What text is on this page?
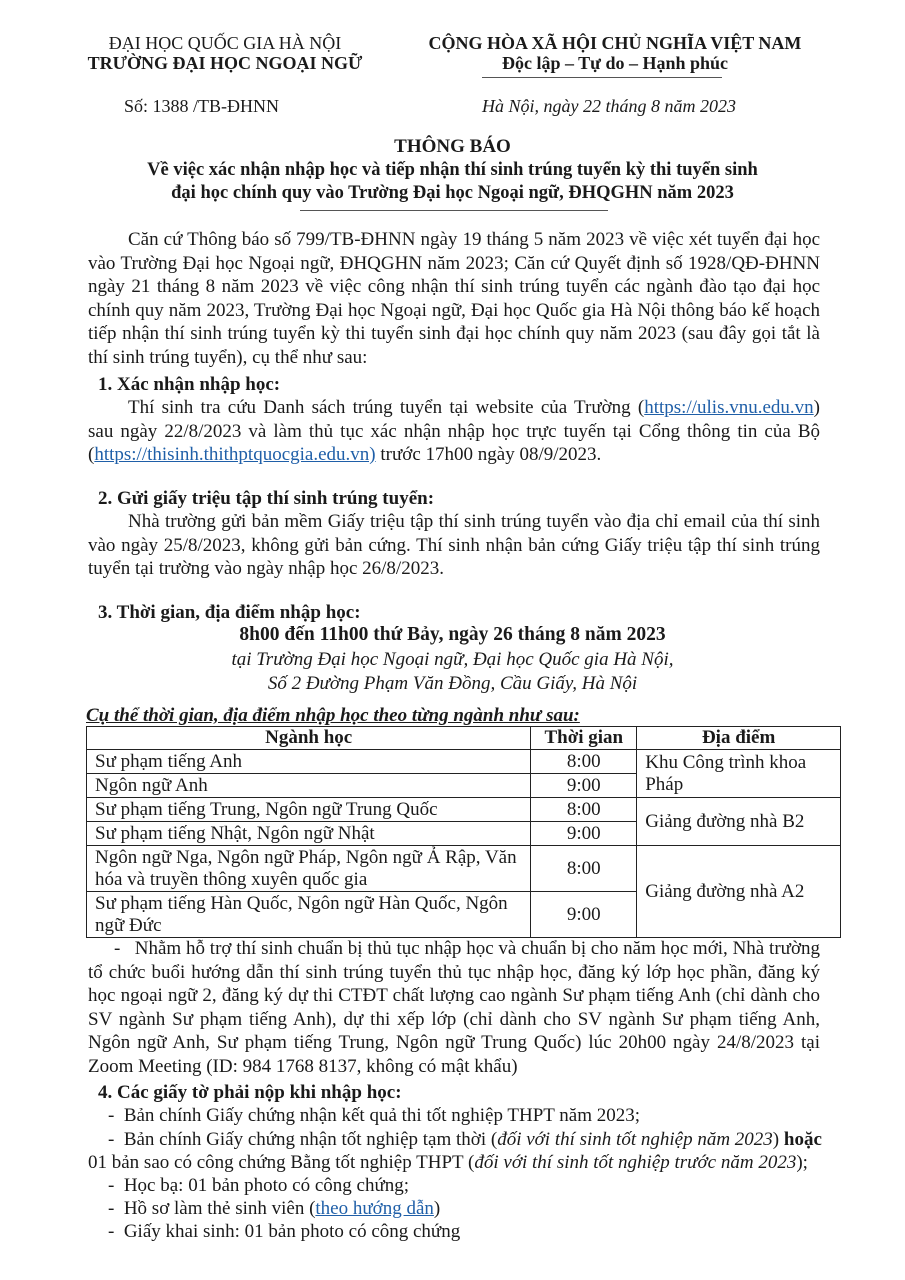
ĐẠI HỌC QUỐC GIA HÀ NỘI
TRƯỜNG ĐẠI HỌC NGOẠI NGỮ
CỘNG HÒA XÃ HỘI CHỦ NGHĨA VIỆT NAM
Độc lập – Tự do – Hạnh phúc
Số: 1388 /TB-ĐHNN	Hà Nội, ngày 22 tháng 8 năm 2023
THÔNG BÁO
Về việc xác nhận nhập học và tiếp nhận thí sinh trúng tuyển kỳ thi tuyển sinh
đại học chính quy vào Trường Đại học Ngoại ngữ, ĐHQGHN năm 2023
Căn cứ Thông báo số 799/TB-ĐHNN ngày 19 tháng 5 năm 2023 về việc xét tuyển đại học vào Trường Đại học Ngoại ngữ, ĐHQGHN năm 2023; Căn cứ Quyết định số 1928/QĐ-ĐHNN ngày 21 tháng 8 năm 2023 về việc công nhận thí sinh trúng tuyển các ngành đào tạo đại học chính quy năm 2023, Trường Đại học Ngoại ngữ, Đại học Quốc gia Hà Nội thông báo kế hoạch tiếp nhận thí sinh trúng tuyển kỳ thi tuyển sinh đại học chính quy năm 2023 (sau đây gọi tắt là thí sinh trúng tuyển), cụ thể như sau:
1. Xác nhận nhập học:
Thí sinh tra cứu Danh sách trúng tuyển tại website của Trường (https://ulis.vnu.edu.vn) sau ngày 22/8/2023 và làm thủ tục xác nhận nhập học trực tuyến tại Cổng thông tin của Bộ (https://thisinh.thithptquocgia.edu.vn) trước 17h00 ngày 08/9/2023.
2. Gửi giấy triệu tập thí sinh trúng tuyển:
Nhà trường gửi bản mềm Giấy triệu tập thí sinh trúng tuyển vào địa chỉ email của thí sinh vào ngày 25/8/2023, không gửi bản cứng. Thí sinh nhận bản cứng Giấy triệu tập thí sinh trúng tuyển tại trường vào ngày nhập học 26/8/2023.
3. Thời gian, địa điểm nhập học:
8h00 đến 11h00 thứ Bảy, ngày 26 tháng 8 năm 2023
tại Trường Đại học Ngoại ngữ, Đại học Quốc gia Hà Nội,
Số 2 Đường Phạm Văn Đồng, Cầu Giấy, Hà Nội
Cụ thể thời gian, địa điểm nhập học theo từng ngành như sau:
Ngành học	Thời gian	Địa điểm
Sư phạm tiếng Anh	8:00	Khu Công trình khoa Pháp
Ngôn ngữ Anh	9:00	
Sư phạm tiếng Trung, Ngôn ngữ Trung Quốc	8:00	Giảng đường nhà B2
Sư phạm tiếng Nhật, Ngôn ngữ Nhật	9:00	
Ngôn ngữ Nga, Ngôn ngữ Pháp, Ngôn ngữ Ả Rập, Văn hóa và truyền thông xuyên quốc gia	8:00	Giảng đường nhà A2
Sư phạm tiếng Hàn Quốc, Ngôn ngữ Hàn Quốc, Ngôn ngữ Đức	9:00	
-   Nhằm hỗ trợ thí sinh chuẩn bị thủ tục nhập học và chuẩn bị cho năm học mới, Nhà trường tổ chức buổi hướng dẫn thí sinh trúng tuyển thủ tục nhập học, đăng ký lớp học phần, đăng ký học ngoại ngữ 2, đăng ký dự thi CTĐT chất lượng cao ngành Sư phạm tiếng Anh (chỉ dành cho SV ngành Sư phạm tiếng Anh), dự thi xếp lớp (chỉ dành cho SV ngành Sư phạm tiếng Anh, Ngôn ngữ Anh, Sư phạm tiếng Trung, Ngôn ngữ Trung Quốc) lúc 20h00 ngày 24/8/2023 tại Zoom Meeting (ID: 984 1768 8137, không có mật khẩu)
4. Các giấy tờ phải nộp khi nhập học:
-  Bản chính Giấy chứng nhận kết quả thi tốt nghiệp THPT năm 2023;
-  Bản chính Giấy chứng nhận tốt nghiệp tạm thời (đối với thí sinh tốt nghiệp năm 2023) hoặc
01 bản sao có công chứng Bằng tốt nghiệp THPT (đối với thí sinh tốt nghiệp trước năm 2023);
-  Học bạ: 01 bản photo có công chứng;
-  Hồ sơ làm thẻ sinh viên (theo hướng dẫn)
-  Giấy khai sinh: 01 bản photo có công chứng
